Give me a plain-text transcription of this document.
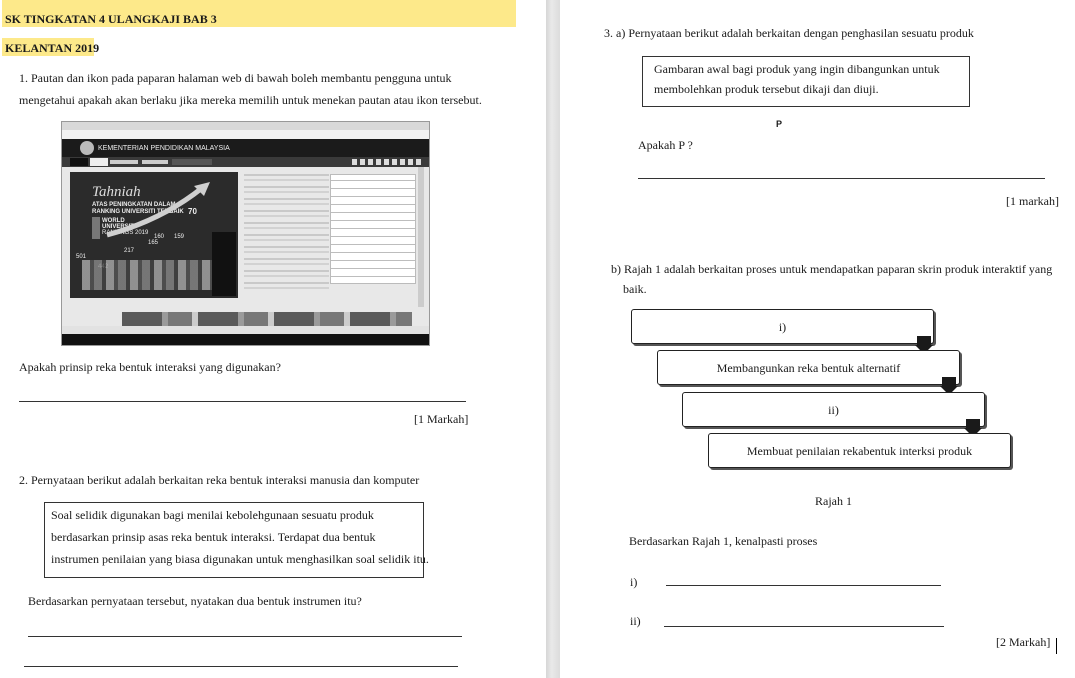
SK TINGKATAN 4 ULANGKAJI BAB 3
KELANTAN 2019
1. Pautan dan ikon pada paparan halaman web di bawah boleh membantu pengguna untuk
mengetahui apakah akan berlaku jika mereka memilih untuk menekan pautan atau ikon tersebut.
KEMENTERIAN PENDIDIKAN MALAYSIA
Tahniah
ATAS PENINGKATAN DALAM
RANKING UNIVERSITI TERBAIK
WORLD
UNIVERSITY
RANKINGS 2019
70
160 159
165
217
501
Apakah prinsip reka bentuk interaksi yang digunakan?
[1 Markah]
2. Pernyataan berikut adalah berkaitan reka bentuk interaksi manusia dan komputer
Soal selidik digunakan bagi menilai kebolehgunaan sesuatu produk
berdasarkan prinsip asas reka bentuk interaksi. Terdapat dua bentuk
instrumen penilaian yang biasa digunakan untuk menghasilkan soal selidik itu.
Berdasarkan pernyataan tersebut, nyatakan dua bentuk instrumen itu?
3. a) Pernyataan berikut adalah berkaitan dengan penghasilan sesuatu produk
Gambaran awal bagi produk yang ingin dibangunkan untuk
membolehkan produk tersebut dikaji dan diuji.
P
Apakah P ?
[1 markah]
b) Rajah 1 adalah berkaitan proses untuk mendapatkan paparan skrin produk interaktif yang
baik.
i)
Membangunkan reka bentuk alternatif
ii)
Membuat penilaian rekabentuk interksi produk
Rajah 1
Berdasarkan Rajah 1, kenalpasti proses
i)
ii)
[2 Markah]
